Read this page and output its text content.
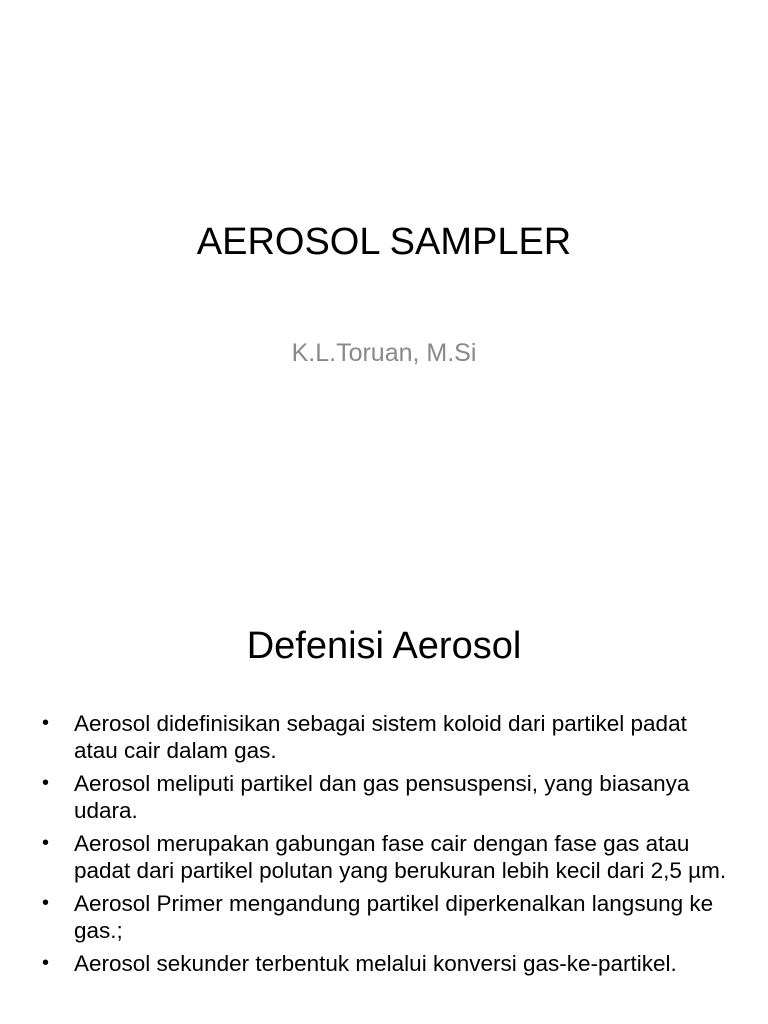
AEROSOL SAMPLER

K.L.Toruan, M.Si

Defenisi Aerosol
• Aerosol didefinisikan sebagai sistem koloid dari partikel padat atau cair dalam gas.
• Aerosol meliputi partikel dan gas pensuspensi, yang biasanya udara.
• Aerosol merupakan gabungan fase cair dengan fase gas atau padat dari partikel polutan yang berukuran lebih kecil dari 2,5 µm.
• Aerosol Primer mengandung partikel diperkenalkan langsung ke gas.;
• Aerosol sekunder terbentuk melalui konversi gas-ke-partikel.
